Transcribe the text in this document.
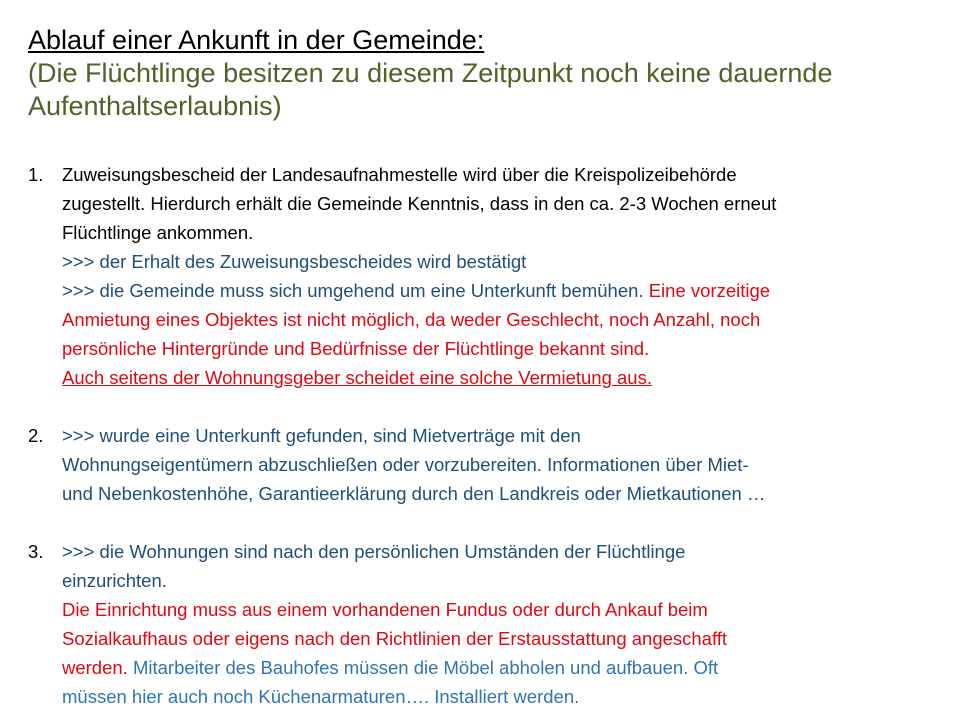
Ablauf einer Ankunft in der Gemeinde:
(Die Flüchtlinge besitzen zu diesem Zeitpunkt noch keine dauernde
Aufenthaltserlaubnis)
1. Zuweisungsbescheid der Landesaufnahmestelle wird über die Kreispolizeibehörde
zugestellt. Hierdurch erhält die Gemeinde Kenntnis, dass in den ca. 2-3 Wochen erneut
Flüchtlinge ankommen.
>>> der Erhalt des Zuweisungsbescheides wird bestätigt
>>> die Gemeinde muss sich umgehend um eine Unterkunft bemühen. Eine vorzeitige
Anmietung eines Objektes ist nicht möglich, da weder Geschlecht, noch Anzahl, noch
persönliche Hintergründe und Bedürfnisse der Flüchtlinge bekannt sind.
Auch seitens der Wohnungsgeber scheidet eine solche Vermietung aus.
2. >>> wurde eine Unterkunft gefunden, sind Mietverträge mit den
Wohnungseigentümern abzuschließen oder vorzubereiten. Informationen über Miet-
und Nebenkostenhöhe, Garantieerklärung durch den Landkreis oder Mietkautionen …
3. >>> die Wohnungen sind nach den persönlichen Umständen der Flüchtlinge
einzurichten.
Die Einrichtung muss aus einem vorhandenen Fundus oder durch Ankauf beim
Sozialkaufhaus oder eigens nach den Richtlinien der Erstausstattung angeschafft
werden. Mitarbeiter des Bauhofes müssen die Möbel abholen und aufbauen. Oft
müssen hier auch noch Küchenarmaturen…. Installiert werden.
